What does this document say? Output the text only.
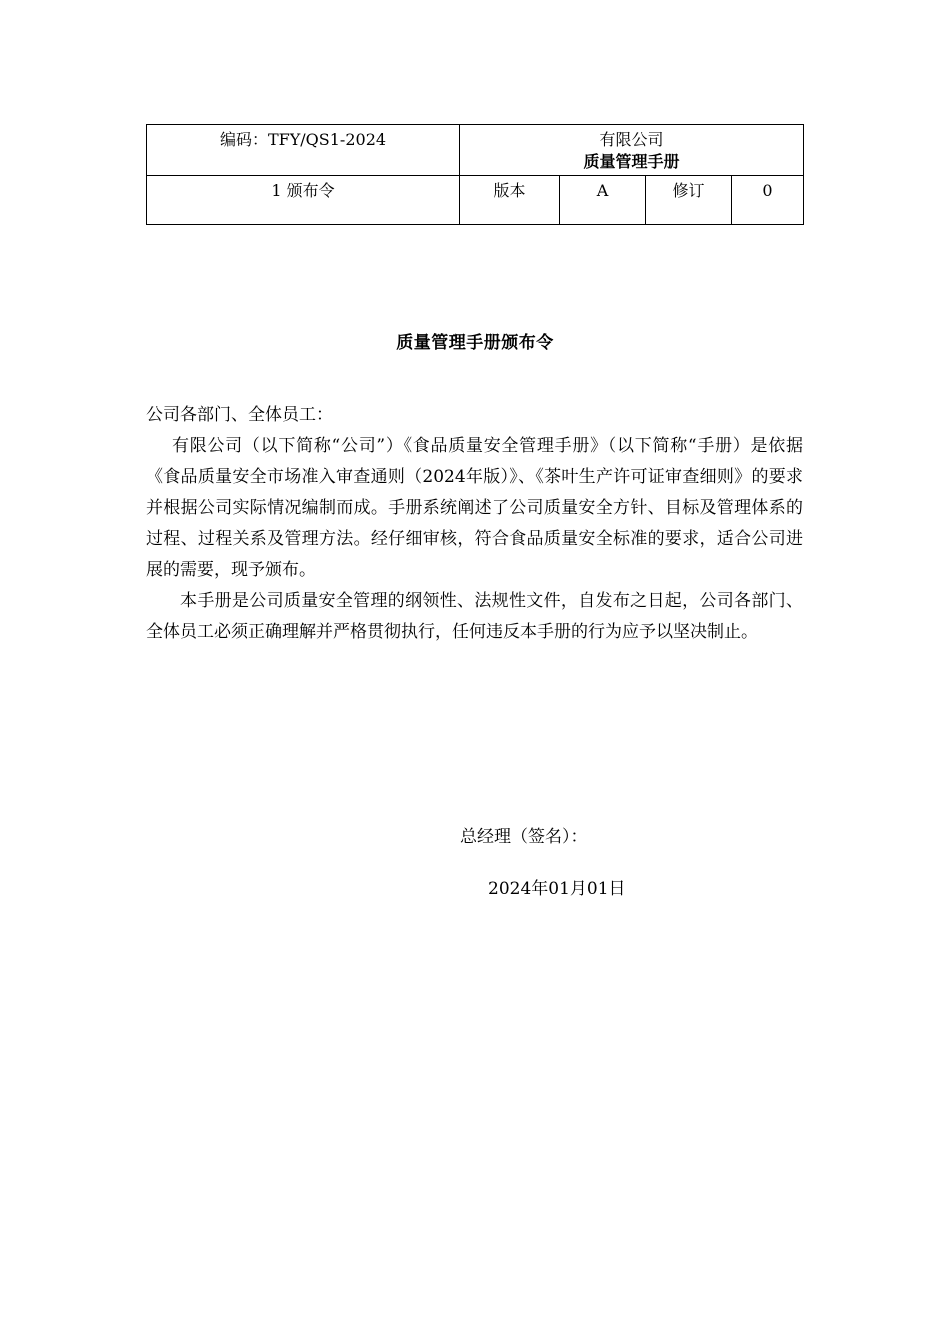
编码：TFY/QS1-2024	有限公司
质量管理手册			

1 颁布令	版本	A	修订	0
质量管理手册颁布令

公司各部门、全体员工：

有限公司（以下简称“公司”）《食品质量安全管理手册》（以下简称“手册）是依据《食品质量安全市场准入审查通则（2024年版）》、《茶叶生产许可证审查细则》的要求并根据公司实际情况编制而成。手册系统阐述了公司质量安全方针、目标及管理体系的过程、过程关系及管理方法。经仔细审核，符合食品质量安全标准的要求，适合公司进展的需要，现予颁布。

本手册是公司质量安全管理的纲领性、法规性文件，自发布之日起，公司各部门、全体员工必须正确理解并严格贯彻执行，任何违反本手册的行为应予以坚决制止。

总经理（签名）：
2024年01月01日
